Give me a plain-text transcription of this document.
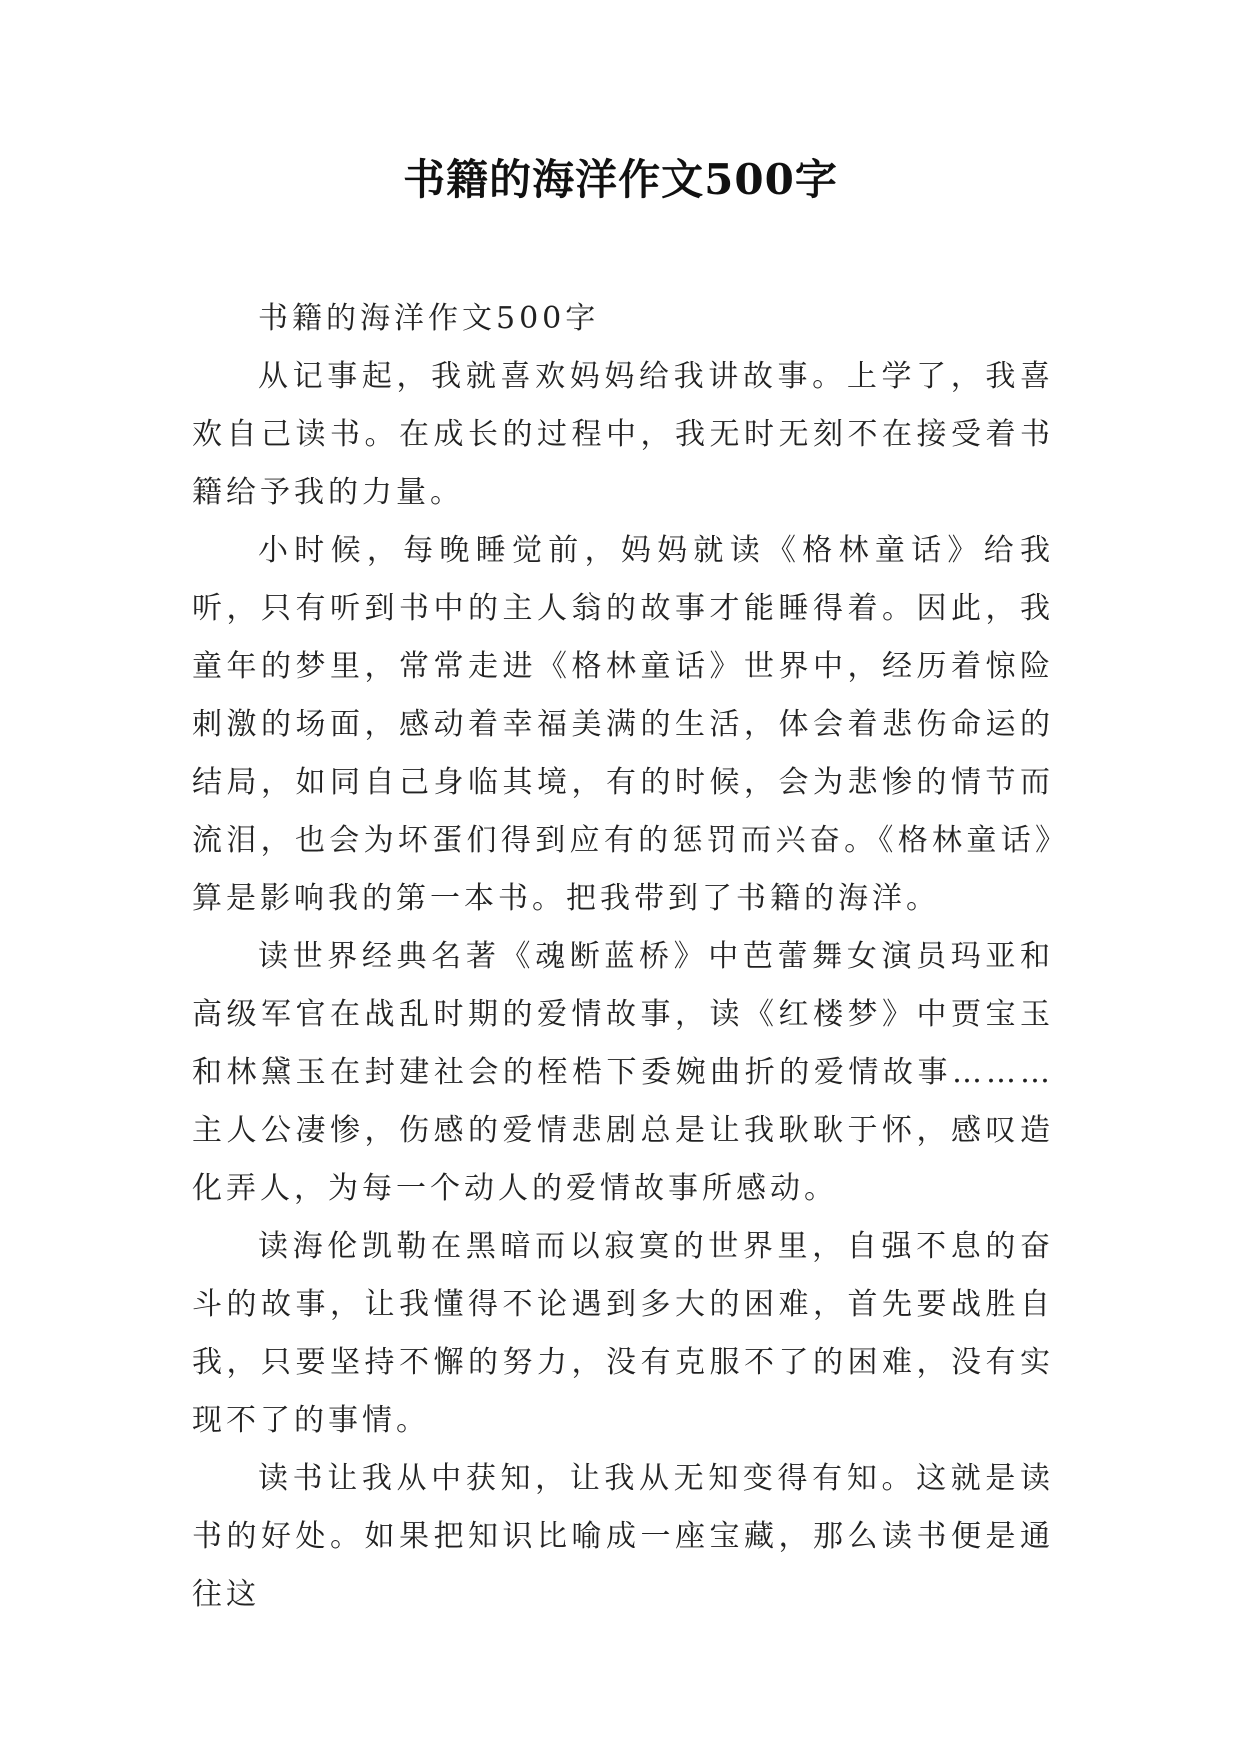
书籍的海洋作文500字

书籍的海洋作文500字

从记事起，我就喜欢妈妈给我讲故事。上学了，我喜欢自己读书。在成长的过程中，我无时无刻不在接受着书籍给予我的力量。

小时候，每晚睡觉前，妈妈就读《格林童话》给我听，只有听到书中的主人翁的故事才能睡得着。因此，我童年的梦里，常常走进《格林童话》世界中，经历着惊险刺激的场面，感动着幸福美满的生活，体会着悲伤命运的结局，如同自己身临其境，有的时候，会为悲惨的情节而流泪，也会为坏蛋们得到应有的惩罚而兴奋。《格林童话》算是影响我的第一本书。把我带到了书籍的海洋。

读世界经典名著《魂断蓝桥》中芭蕾舞女演员玛亚和高级军官在战乱时期的爱情故事，读《红楼梦》中贾宝玉和林黛玉在封建社会的桎梏下委婉曲折的爱情故事………主人公凄惨，伤感的爱情悲剧总是让我耿耿于怀，感叹造化弄人，为每一个动人的爱情故事所感动。

读海伦凯勒在黑暗而以寂寞的世界里，自强不息的奋斗的故事，让我懂得不论遇到多大的困难，首先要战胜自我，只要坚持不懈的努力，没有克服不了的困难，没有实现不了的事情。

读书让我从中获知，让我从无知变得有知。这就是读书的好处。如果把知识比喻成一座宝藏，那么读书便是通往这
